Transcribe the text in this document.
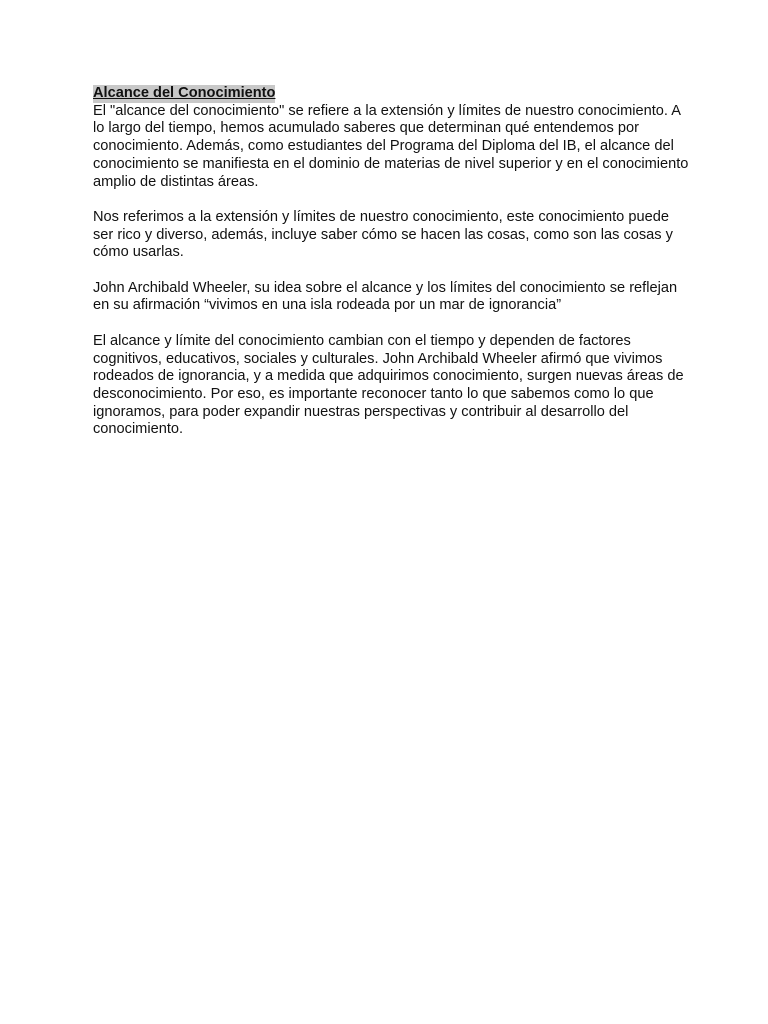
Alcance del Conocimiento
El "alcance del conocimiento" se refiere a la extensión y límites de nuestro conocimiento. A
lo largo del tiempo, hemos acumulado saberes que determinan qué entendemos por
conocimiento. Además, como estudiantes del Programa del Diploma del IB, el alcance del
conocimiento se manifiesta en el dominio de materias de nivel superior y en el conocimiento
amplio de distintas áreas.
Nos referimos a la extensión y límites de nuestro conocimiento, este conocimiento puede
ser rico y diverso, además, incluye saber cómo se hacen las cosas, como son las cosas y
cómo usarlas.
John Archibald Wheeler, su idea sobre el alcance y los límites del conocimiento se reflejan
en su afirmación “vivimos en una isla rodeada por un mar de ignorancia”
El alcance y límite del conocimiento cambian con el tiempo y dependen de factores
cognitivos, educativos, sociales y culturales. John Archibald Wheeler afirmó que vivimos
rodeados de ignorancia, y a medida que adquirimos conocimiento, surgen nuevas áreas de
desconocimiento. Por eso, es importante reconocer tanto lo que sabemos como lo que
ignoramos, para poder expandir nuestras perspectivas y contribuir al desarrollo del
conocimiento.
